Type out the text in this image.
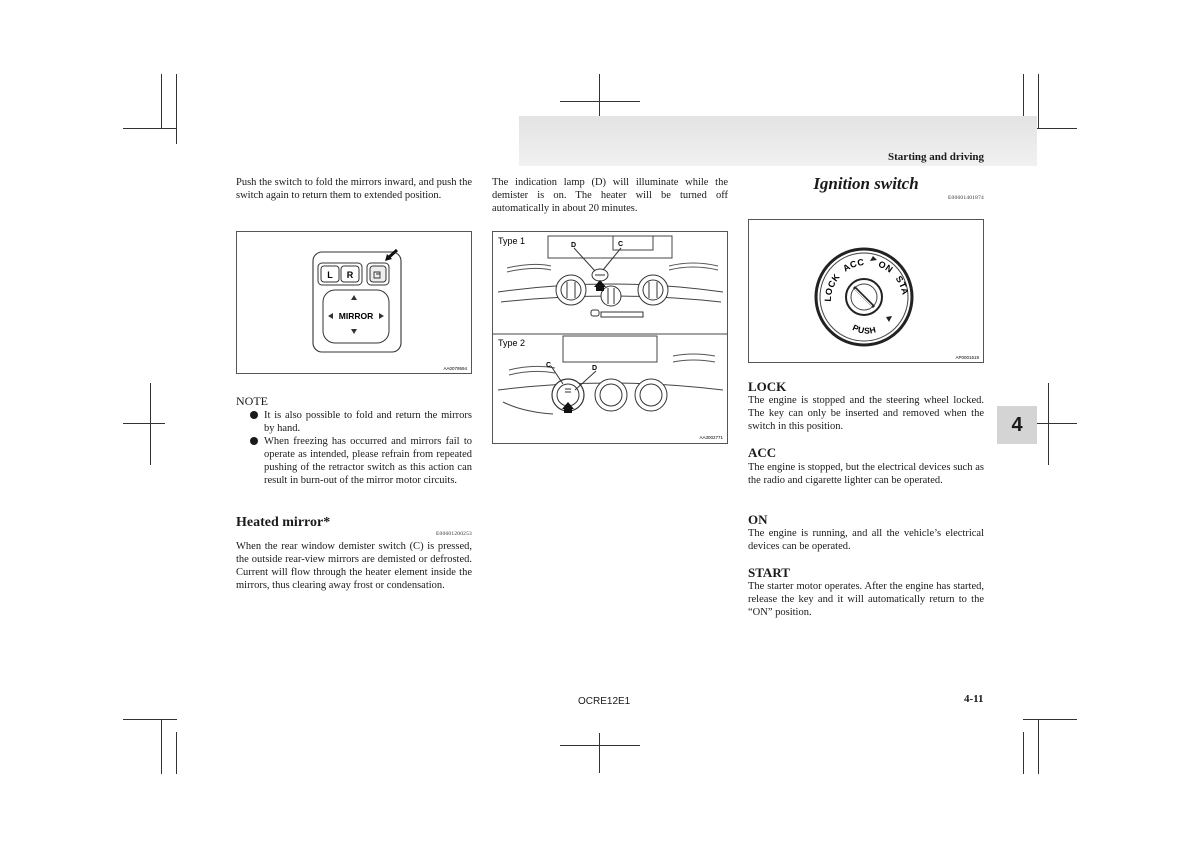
Starting and driving
Push the switch to fold the mirrors inward, and push the switch again to return them to extended position.
L R
MIRROR
AA0079594
NOTE
It is also possible to fold and return the mirrors by hand.
When freezing has occurred and mirrors fail to operate as intended, please refrain from repeated pushing of the retractor switch as this action can result in burn-out of the mirror motor circuits.
Heated mirror*
E00601200253
When the rear window demister switch (C) is pressed, the outside rear-view mirrors are demisted or defrosted. Current will flow through the heater element inside the mirrors, thus clearing away frost or condensation.
The indication lamp (D) will illuminate while the demister is on. The heater will be turned off automatically in about 20 minutes.
Type 1	D	C
Type 2
C	D
AA3002771
Ignition switch
E00601401874
LOCK ACC ON STA
PUSH
AP0001619
LOCK
The engine is stopped and the steering wheel locked. The key can only be inserted and removed when the switch in this position.
ACC
The engine is stopped, but the electrical devices such as the radio and cigarette lighter can be operated.
ON
The engine is running, and all the vehicle’s electrical devices can be operated.
START
The starter motor operates. After the engine has started, release the key and it will automatically return to the “ON” position.
4
OCRE12E1	4-11
